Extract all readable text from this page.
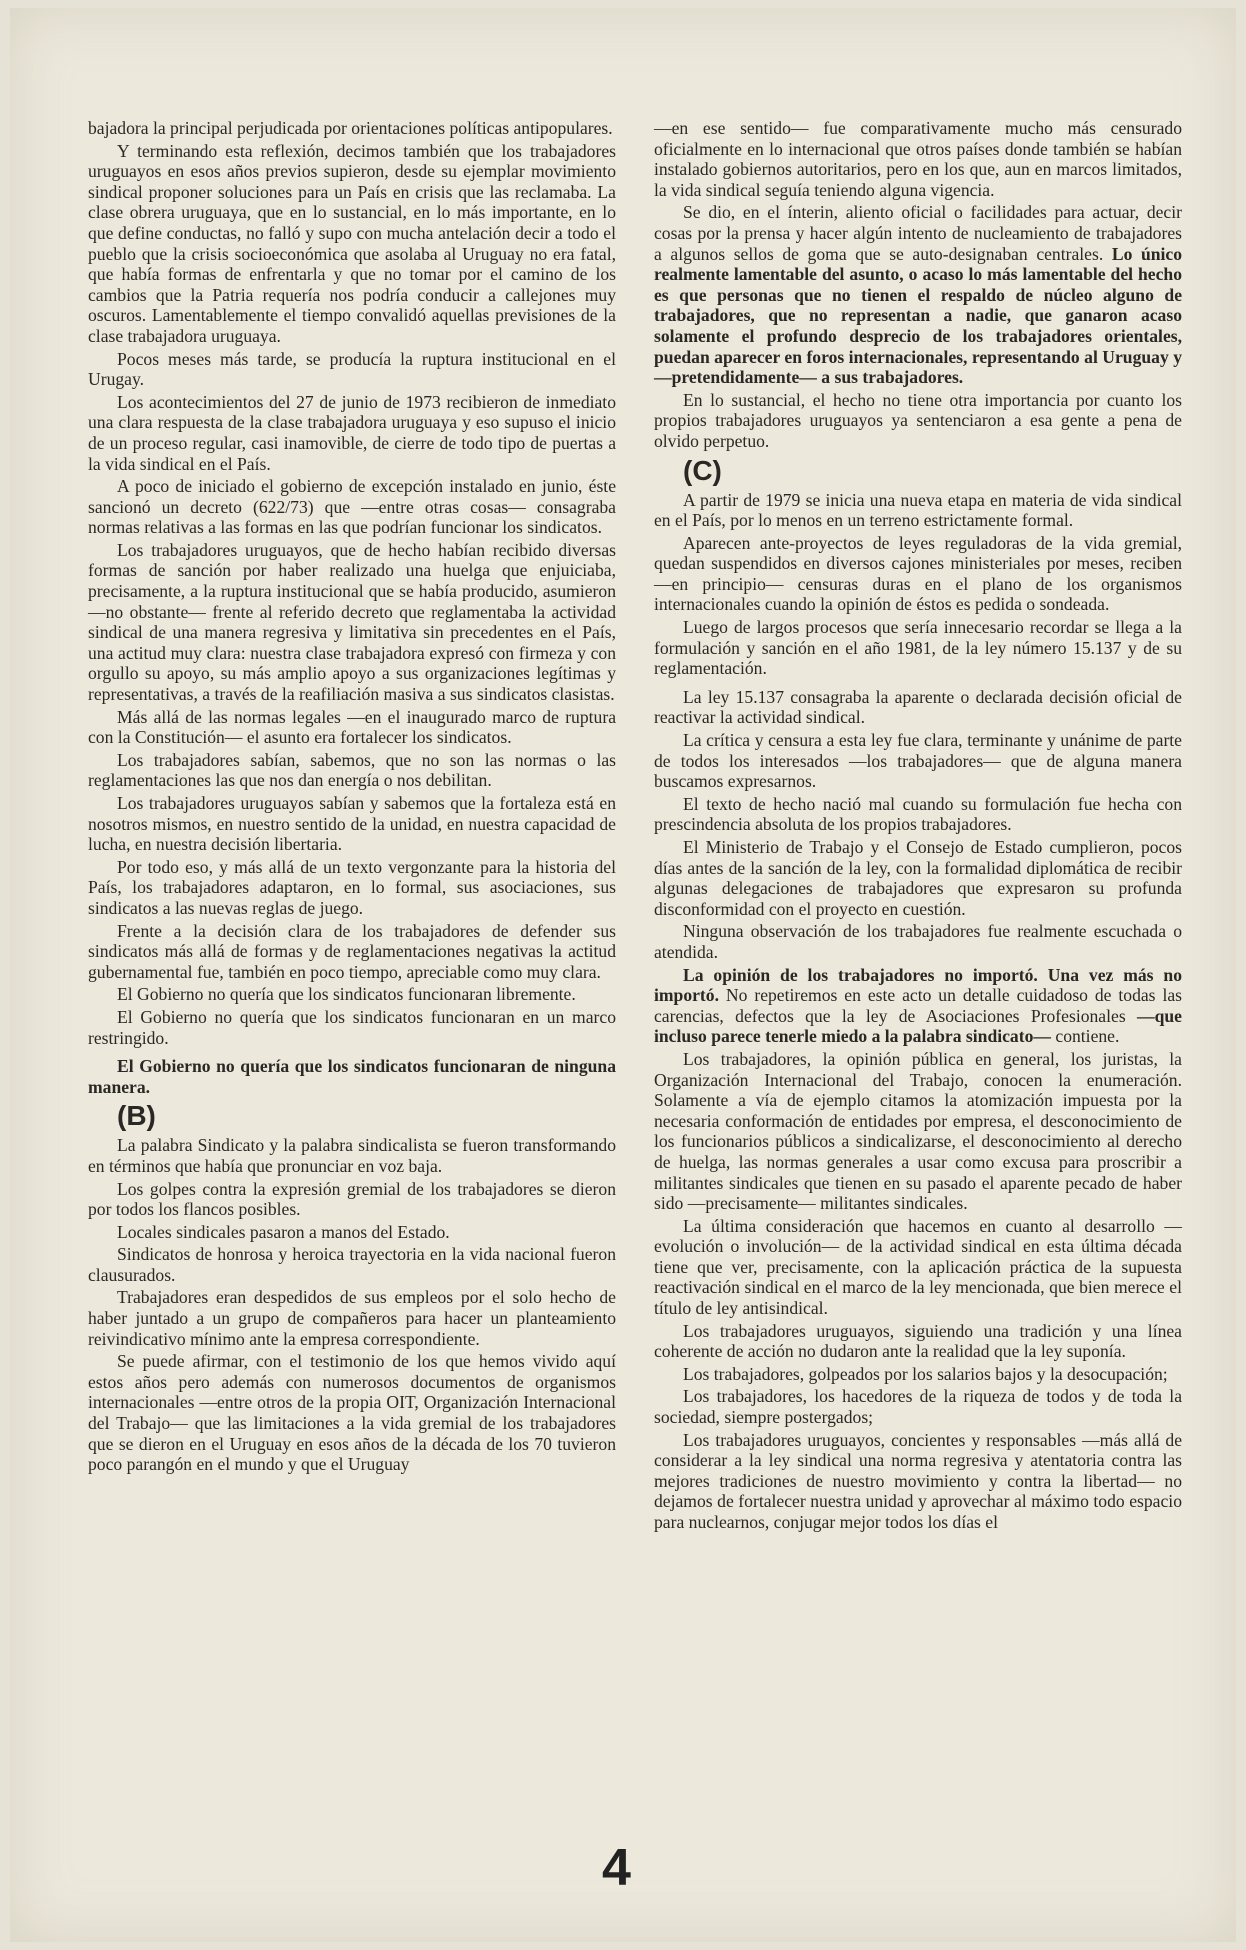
bajadora la principal perjudicada por orientaciones políticas antipopulares.

Y terminando esta reflexión, decimos también que los trabajadores uruguayos en esos años previos supieron, desde su ejemplar movimiento sindical proponer soluciones para un País en crisis que las reclamaba. La clase obrera uruguaya, que en lo sustancial, en lo más importante, en lo que define conductas, no falló y supo con mucha antelación decir a todo el pueblo que la crisis socioeconómica que asolaba al Uruguay no era fatal, que había formas de enfrentarla y que no tomar por el camino de los cambios que la Patria requería nos podría conducir a callejones muy oscuros. Lamentablemente el tiempo convalidó aquellas previsiones de la clase trabajadora uruguaya.

Pocos meses más tarde, se producía la ruptura institucional en el Urugay.

Los acontecimientos del 27 de junio de 1973 recibieron de inmediato una clara respuesta de la clase trabajadora uruguaya y eso supuso el inicio de un proceso regular, casi inamovible, de cierre de todo tipo de puertas a la vida sindical en el País.

A poco de iniciado el gobierno de excepción instalado en junio, éste sancionó un decreto (622/73) que —entre otras cosas— consagraba normas relativas a las formas en las que podrían funcionar los sindicatos.

Los trabajadores uruguayos, que de hecho habían recibido diversas formas de sanción por haber realizado una huelga que enjuiciaba, precisamente, a la ruptura institucional que se había producido, asumieron —no obstante— frente al referido decreto que reglamentaba la actividad sindical de una manera regresiva y limitativa sin precedentes en el País, una actitud muy clara: nuestra clase trabajadora expresó con firmeza y con orgullo su apoyo, su más amplio apoyo a sus organizaciones legítimas y representativas, a través de la reafiliación masiva a sus sindicatos clasistas.

Más allá de las normas legales —en el inaugurado marco de ruptura con la Constitución— el asunto era fortalecer los sindicatos.

Los trabajadores sabían, sabemos, que no son las normas o las reglamentaciones las que nos dan energía o nos debilitan.

Los trabajadores uruguayos sabían y sabemos que la fortaleza está en nosotros mismos, en nuestro sentido de la unidad, en nuestra capacidad de lucha, en nuestra decisión libertaria.

Por todo eso, y más allá de un texto vergonzante para la historia del País, los trabajadores adaptaron, en lo formal, sus asociaciones, sus sindicatos a las nuevas reglas de juego.

Frente a la decisión clara de los trabajadores de defender sus sindicatos más allá de formas y de reglamentaciones negativas la actitud gubernamental fue, también en poco tiempo, apreciable como muy clara.

El Gobierno no quería que los sindicatos funcionaran libremente.

El Gobierno no quería que los sindicatos funcionaran en un marco restringido.

El Gobierno no quería que los sindicatos funcionaran de ninguna manera.

(B)

La palabra Sindicato y la palabra sindicalista se fueron transformando en términos que había que pronunciar en voz baja.

Los golpes contra la expresión gremial de los trabajadores se dieron por todos los flancos posibles.

Locales sindicales pasaron a manos del Estado.

Sindicatos de honrosa y heroica trayectoria en la vida nacional fueron clausurados.

Trabajadores eran despedidos de sus empleos por el solo hecho de haber juntado a un grupo de compañeros para hacer un planteamiento reivindicativo mínimo ante la empresa correspondiente.

Se puede afirmar, con el testimonio de los que hemos vivido aquí estos años pero además con numerosos documentos de organismos internacionales —entre otros de la propia OIT, Organización Internacional del Trabajo— que las limitaciones a la vida gremial de los trabajadores que se dieron en el Uruguay en esos años de la década de los 70 tuvieron poco parangón en el mundo y que el Uruguay

—en ese sentido— fue comparativamente mucho más censurado oficialmente en lo internacional que otros países donde también se habían instalado gobiernos autoritarios, pero en los que, aun en marcos limitados, la vida sindical seguía teniendo alguna vigencia.

Se dio, en el ínterin, aliento oficial o facilidades para actuar, decir cosas por la prensa y hacer algún intento de nucleamiento de trabajadores a algunos sellos de goma que se auto-designaban centrales. Lo único realmente lamentable del asunto, o acaso lo más lamentable del hecho es que personas que no tienen el respaldo de núcleo alguno de trabajadores, que no representan a nadie, que ganaron acaso solamente el profundo desprecio de los trabajadores orientales, puedan aparecer en foros internacionales, representando al Uruguay y —pretendidamente— a sus trabajadores.

En lo sustancial, el hecho no tiene otra importancia por cuanto los propios trabajadores uruguayos ya sentenciaron a esa gente a pena de olvido perpetuo.

(C)

A partir de 1979 se inicia una nueva etapa en materia de vida sindical en el País, por lo menos en un terreno estrictamente formal.

Aparecen ante-proyectos de leyes reguladoras de la vida gremial, quedan suspendidos en diversos cajones ministeriales por meses, reciben —en principio— censuras duras en el plano de los organismos internacionales cuando la opinión de éstos es pedida o sondeada.

Luego de largos procesos que sería innecesario recordar se llega a la formulación y sanción en el año 1981, de la ley número 15.137 y de su reglamentación.

La ley 15.137 consagraba la aparente o declarada decisión oficial de reactivar la actividad sindical.

La crítica y censura a esta ley fue clara, terminante y unánime de parte de todos los interesados —los trabajadores— que de alguna manera buscamos expresarnos.

El texto de hecho nació mal cuando su formulación fue hecha con prescindencia absoluta de los propios trabajadores.

El Ministerio de Trabajo y el Consejo de Estado cumplieron, pocos días antes de la sanción de la ley, con la formalidad diplomática de recibir algunas delegaciones de trabajadores que expresaron su profunda disconformidad con el proyecto en cuestión.

Ninguna observación de los trabajadores fue realmente escuchada o atendida.

La opinión de los trabajadores no importó. Una vez más no importó. No repetiremos en este acto un detalle cuidadoso de todas las carencias, defectos que la ley de Asociaciones Profesionales —que incluso parece tenerle miedo a la palabra sindicato— contiene.

Los trabajadores, la opinión pública en general, los juristas, la Organización Internacional del Trabajo, conocen la enumeración. Solamente a vía de ejemplo citamos la atomización impuesta por la necesaria conformación de entidades por empresa, el desconocimiento de los funcionarios públicos a sindicalizarse, el desconocimiento al derecho de huelga, las normas generales a usar como excusa para proscribir a militantes sindicales que tienen en su pasado el aparente pecado de haber sido —precisamente— militantes sindicales.

La última consideración que hacemos en cuanto al desarrollo —evolución o involución— de la actividad sindical en esta última década tiene que ver, precisamente, con la aplicación práctica de la supuesta reactivación sindical en el marco de la ley mencionada, que bien merece el título de ley antisindical.

Los trabajadores uruguayos, siguiendo una tradición y una línea coherente de acción no dudaron ante la realidad que la ley suponía.

Los trabajadores, golpeados por los salarios bajos y la desocupación;

Los trabajadores, los hacedores de la riqueza de todos y de toda la sociedad, siempre postergados;

Los trabajadores uruguayos, concientes y responsables —más allá de considerar a la ley sindical una norma regresiva y atentatoria contra las mejores tradiciones de nuestro movimiento y contra la libertad— no dejamos de fortalecer nuestra unidad y aprovechar al máximo todo espacio para nuclearnos, conjugar mejor todos los días el

4
